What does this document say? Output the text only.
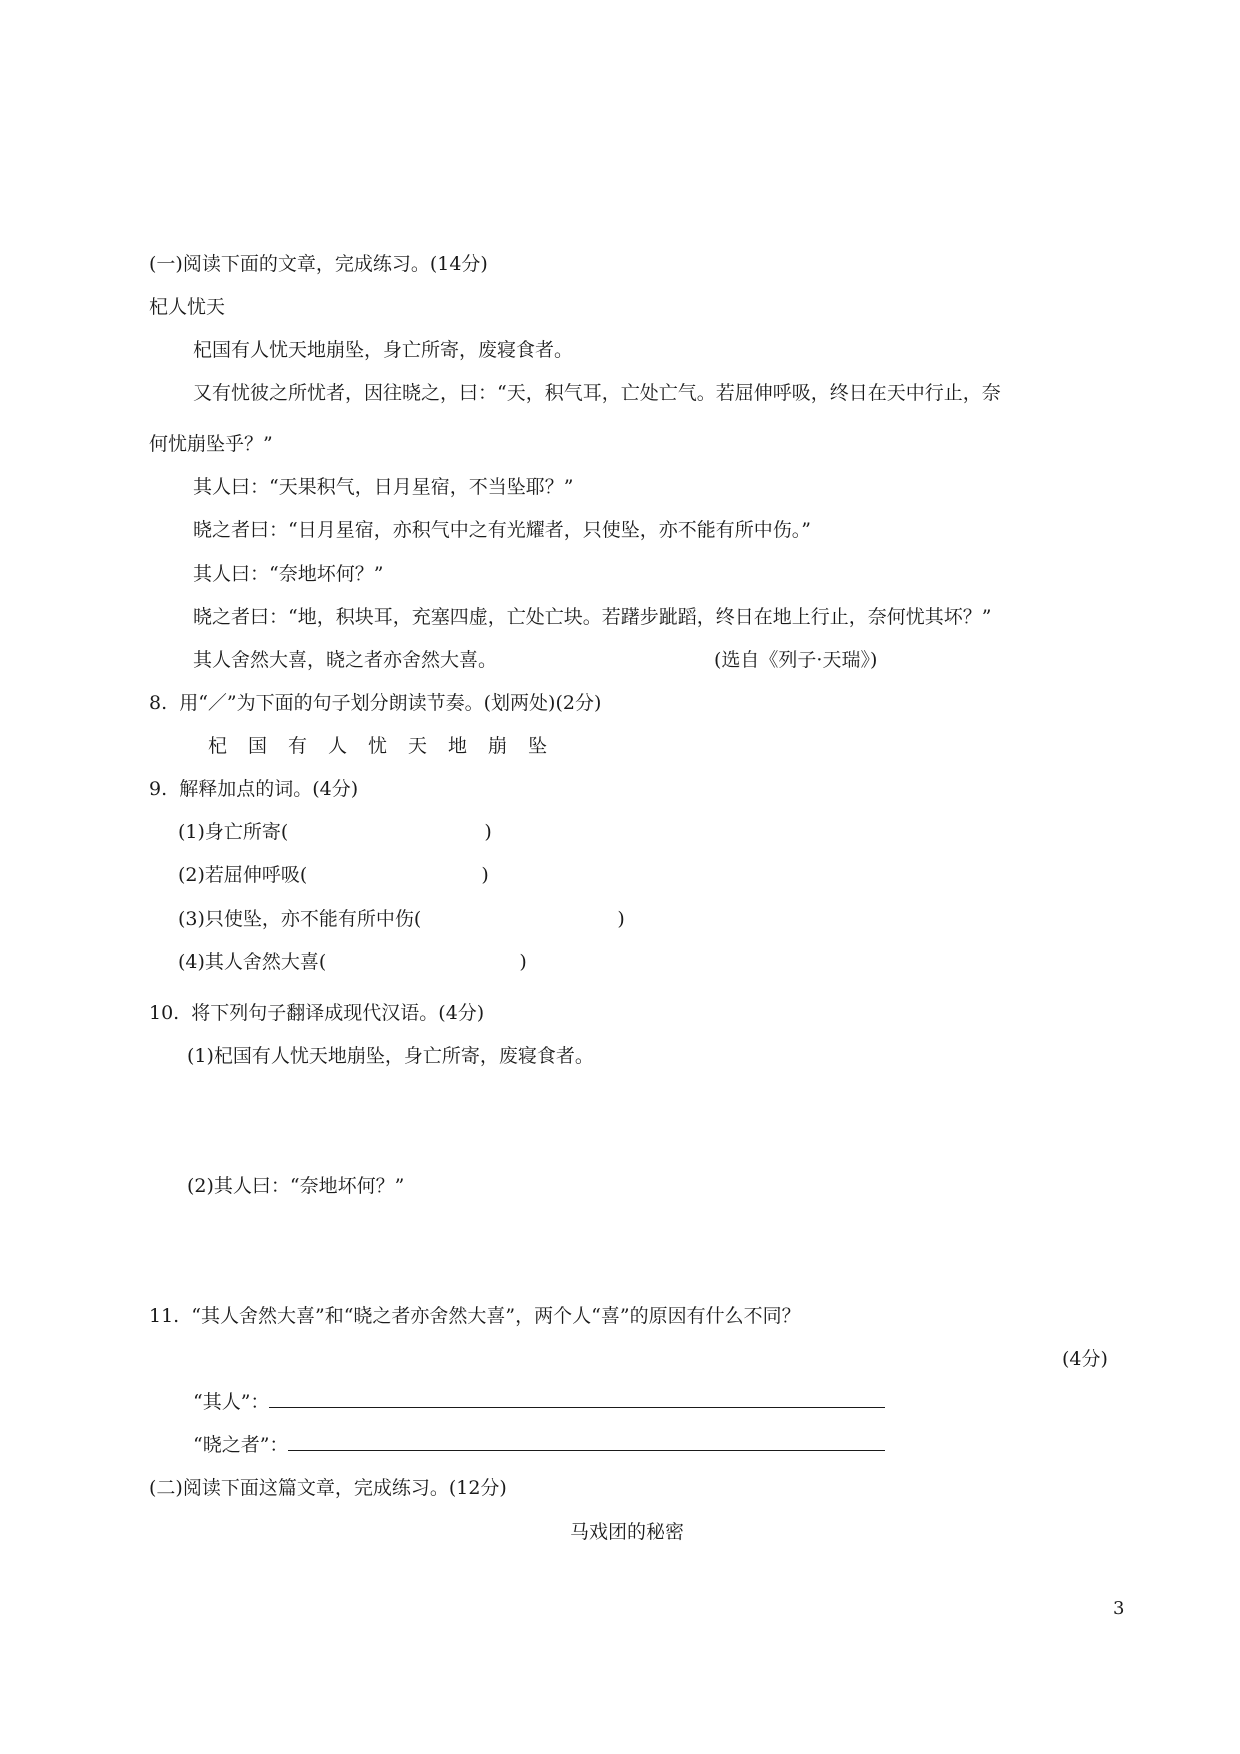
(一)阅读下面的文章，完成练习。(14分)
杞人忧天
杞国有人忧天地崩坠，身亡所寄，废寝食者。
又有忧彼之所忧者，因往晓之，曰：“天，积气耳，亡处亡气。若屈伸呼吸，终日在天中行止，奈
何忧崩坠乎？”
其人曰：“天果积气，日月星宿，不当坠耶？”
晓之者曰：“日月星宿，亦积气中之有光耀者，只使坠，亦不能有所中伤。”
其人曰：“奈地坏何？”
晓之者曰：“地，积块耳，充塞四虚，亡处亡块。若躇步跐蹈，终日在地上行止，奈何忧其坏？”
其人舍然大喜，晓之者亦舍然大喜。	(选自《列子·天瑞》)
8.  用“／”为下面的句子划分朗读节奏。(划两处)(2分)
杞国有人忧天地崩坠
9.  解释加点的词。(4分)
(1)身亡所寄(	)
(2)若屈伸呼吸(	)
(3)只使坠，亦不能有所中伤(	)
(4)其人舍然大喜(	)
10.  将下列句子翻译成现代汉语。(4分)
(1)杞国有人忧天地崩坠，身亡所寄，废寝食者。
(2)其人曰：“奈地坏何？”
11.  “其人舍然大喜”和“晓之者亦舍然大喜”，两个人“喜”的原因有什么不同？
(4分)
“其人”：
“晓之者”：
(二)阅读下面这篇文章，完成练习。(12分)
马戏团的秘密
3
